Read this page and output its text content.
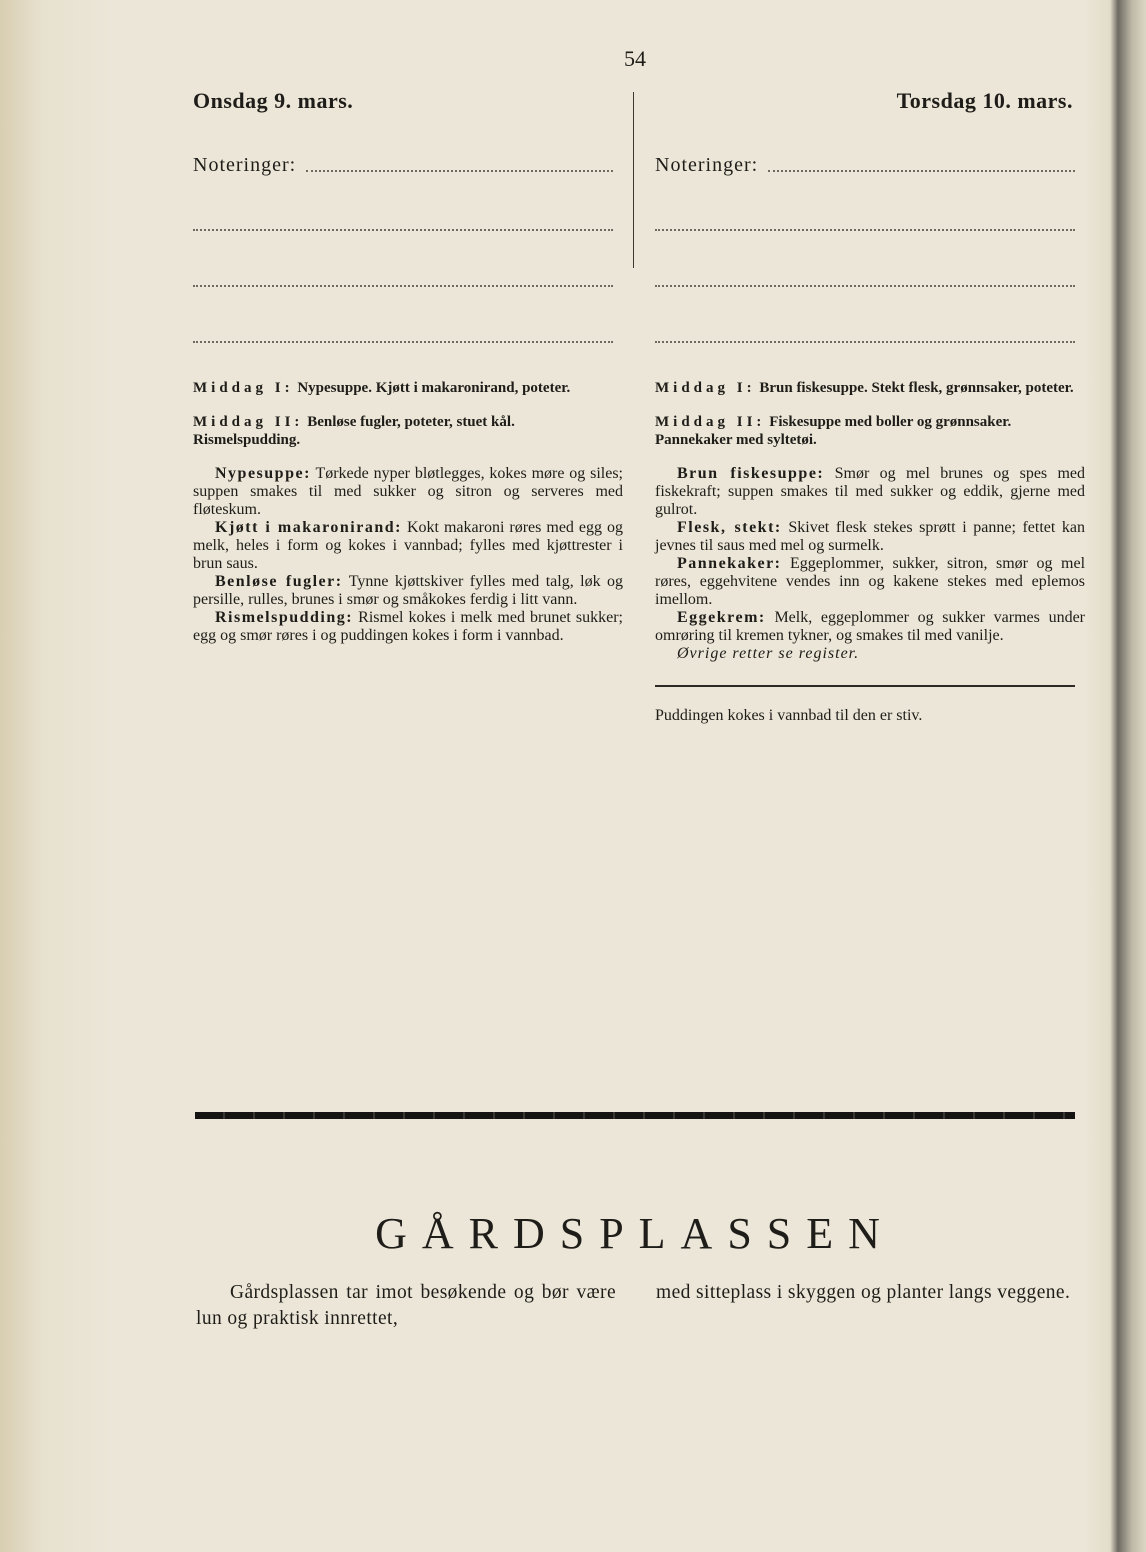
54
Onsdag 9. mars.
Noteringer:

Middag I: Nypesuppe. Kjøtt i makaronirand, poteter.

Middag II: Benløse fugler, poteter, stuet kål. Rismelspudding.

Nypesuppe: Tørkede nyper bløtlegges, kokes møre og siles; suppen smakes til med sukker og sitron og serveres med fløteskum.

Kjøtt i makaronirand: Kokt makaroni røres med egg og melk, heles i form og kokes i vannbad; fylles med kjøttrester i brun saus.

Benløse fugler: Tynne kjøttskiver fylles med talg, løk og persille, rulles, brunes i smør og småkokes ferdig i litt vann.

Rismelspudding: Rismel kokes i melk med brunet sukker; egg og smør røres i og puddingen kokes i form i vannbad.

Torsdag 10. mars.
Noteringer:

Middag I: Brun fiskesuppe. Stekt flesk, grønnsaker, poteter.

Middag II: Fiskesuppe med boller og grønnsaker. Pannekaker med syltetøi.

Brun fiskesuppe: Smør og mel brunes og spes med fiskekraft; suppen smakes til med sukker og eddik, gjerne med gulrot.

Flesk, stekt: Skivet flesk stekes sprøtt i panne; fettet kan jevnes til saus med mel og surmelk.

Pannekaker: Eggeplommer, sukker, sitron, smør og mel røres, eggehvitene vendes inn og kakene stekes med eplemos imellom.

Eggekrem: Melk, eggeplommer og sukker varmes under omrøring til kremen tykner, og smakes til med vanilje.

Øvrige retter se register.

Puddingen kokes i vannbad til den er stiv.

GÅRDSPLASSEN
Gårdsplassen tar imot besøkende og bør være lun og praktisk innrettet,
med sitteplass i skyggen og planter langs veggene.
